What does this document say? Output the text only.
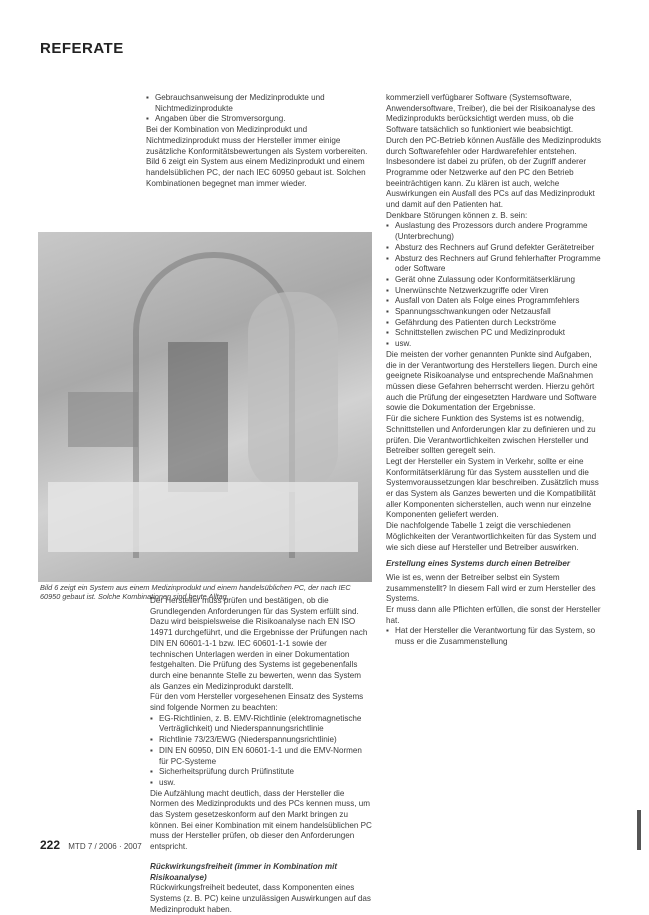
REFERATE
▪ Gebrauchsanweisung der Medizinprodukte und Nichtmedizinprodukte
▪ Angaben über die Stromversorgung.

Bei der Kombination von Medizinprodukt und Nichtmedizinprodukt muss der Hersteller immer einige zusätzliche Konformitätsbewertungen als System vorbereiten.

Bild 6 zeigt ein System aus einem Medizinprodukt und einem handelsüblichen PC, der nach IEC 60950 gebaut ist. Solchen Kombinationen begegnet man immer wieder.

Bild 6 zeigt ein System aus einem Medizinprodukt und einem handelsüblichen PC, der nach IEC 60950 gebaut ist. Solche Kombinationen sind heute Alltag.

Der Hersteller muss prüfen und bestätigen, ob die Grundlegenden Anforderungen für das System erfüllt sind. Dazu wird beispielsweise die Risikoanalyse nach EN ISO 14971 durchgeführt, und die Ergebnisse der Prüfungen nach DIN EN 60601-1-1 bzw. IEC 60601-1-1 sowie der technischen Unterlagen werden in einer Dokumentation festgehalten. Die Prüfung des Systems ist gegebenenfalls durch eine benannte Stelle zu bewerten, wenn das System als Ganzes ein Medizinprodukt darstellt.

Für den vom Hersteller vorgesehenen Einsatz des Systems sind folgende Normen zu beachten:

▪ EG-Richtlinien, z. B. EMV-Richtlinie (elektromagnetische Verträglichkeit) und Niederspannungsrichtlinie
▪ Richtlinie 73/23/EWG (Niederspannungsrichtlinie)
▪ DIN EN 60950, DIN EN 60601-1-1 und die EMV-Normen für PC-Systeme
▪ Sicherheitsprüfung durch Prüfinstitute
▪ usw.

Die Aufzählung macht deutlich, dass der Hersteller die Normen des Medizinprodukts und des PCs kennen muss, um das System gesetzeskonform auf den Markt bringen zu können. Bei einer Kombination mit einem handelsüblichen PC muss der Hersteller prüfen, ob dieser den Anforderungen entspricht.

Rückwirkungsfreiheit (immer in Kombination mit Risikoanalyse)

Rückwirkungsfreiheit bedeutet, dass Komponenten eines Systems (z. B. PC) keine unzulässigen Auswirkungen auf das Medizinprodukt haben.

kommerziell verfügbarer Software (Systemsoftware, Anwendersoftware, Treiber), die bei der Risikoanalyse des Medizinprodukts berücksichtigt werden muss, ob die Software tatsächlich so funktioniert wie beabsichtigt.

Durch den PC-Betrieb können Ausfälle des Medizinprodukts durch Softwarefehler oder Hardwarefehler entstehen. Insbesondere ist dabei zu prüfen, ob der Zugriff anderer Programme oder Netzwerke auf den PC den Betrieb beeinträchtigen kann. Zu klären ist auch, welche Auswirkungen ein Ausfall des PCs auf das Medizinprodukt und damit auf den Patienten hat.

Denkbare Störungen können z. B. sein:

▪ Auslastung des Prozessors durch andere Programme (Unterbrechung)
▪ Absturz des Rechners auf Grund defekter Gerätetreiber
▪ Absturz des Rechners auf Grund fehlerhafter Programme oder Software
▪ Gerät ohne Zulassung oder Konformitätserklärung
▪ Unerwünschte Netzwerkzugriffe oder Viren
▪ Ausfall von Daten als Folge eines Programmfehlers
▪ Spannungsschwankungen oder Netzausfall
▪ Gefährdung des Patienten durch Leckströme
▪ Schnittstellen zwischen PC und Medizinprodukt
▪ usw.

Die meisten der vorher genannten Punkte sind Aufgaben, die in der Verantwortung des Herstellers liegen. Durch eine geeignete Risikoanalyse und entsprechende Maßnahmen müssen diese Gefahren beherrscht werden. Hierzu gehört auch die Prüfung der eingesetzten Hardware und Software sowie die Dokumentation der Ergebnisse.

Für die sichere Funktion des Systems ist es notwendig, Schnittstellen und Anforderungen klar zu definieren und zu prüfen. Die Verantwortlichkeiten zwischen Hersteller und Betreiber sollten geregelt sein.

Legt der Hersteller ein System in Verkehr, sollte er eine Konformitätserklärung für das System ausstellen und die Systemvoraussetzungen klar beschreiben. Zusätzlich muss er das System als Ganzes bewerten und die Kompatibilität aller Komponenten sicherstellen, auch wenn nur einzelne Komponenten geliefert werden.

Die nachfolgende Tabelle 1 zeigt die verschiedenen Möglichkeiten der Verantwortlichkeiten für das System und wie sich diese auf Hersteller und Betreiber auswirken.

Erstellung eines Systems durch einen Betreiber

Wie ist es, wenn der Betreiber selbst ein System zusammenstellt? In diesem Fall wird er zum Hersteller des Systems.

Er muss dann alle Pflichten erfüllen, die sonst der Hersteller hat.

▪ Hat der Hersteller die Verantwortung für das System, so muss er die Zusammenstellung
222 MTD 7 / 2006 · 2007
